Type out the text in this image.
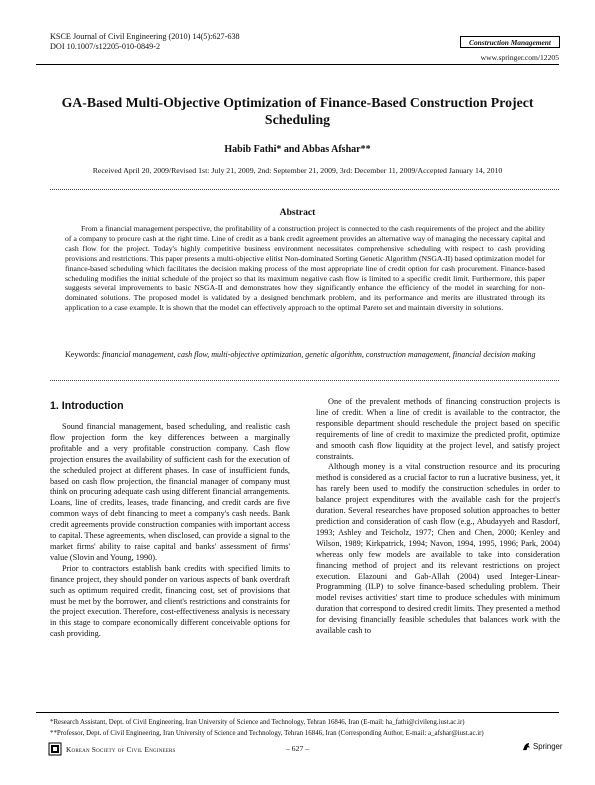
KSCE Journal of Civil Engineering (2010) 14(5):627-638
DOI 10.1007/s12205-010-0849-2	Construction Management
www.springer.com/12205
GA-Based Multi-Objective Optimization of Finance-Based Construction Project Scheduling
Habib Fathi* and Abbas Afshar**
Received April 20, 2009/Revised 1st: July 21, 2009, 2nd: September 21, 2009, 3rd: December 11, 2009/Accepted January 14, 2010
Abstract
From a financial management perspective, the profitability of a construction project is connected to the cash requirements of the project and the ability of a company to procure cash at the right time. Line of credit as a bank credit agreement provides an alternative way of managing the necessary capital and cash flow for the project. Today's highly competitive business environment necessitates comprehensive scheduling with respect to cash providing provisions and restrictions. This paper presents a multi-objective elitist Non-dominated Sorting Genetic Algorithm (NSGA-II) based optimization model for finance-based scheduling which facilitates the decision making process of the most appropriate line of credit option for cash procurement. Finance-based scheduling modifies the initial schedule of the project so that its maximum negative cash flow is limited to a specific credit limit. Furthermore, this paper suggests several improvements to basic NSGA-II and demonstrates how they significantly enhance the efficiency of the model in searching for non-dominated solutions. The proposed model is validated by a designed benchmark problem, and its performance and merits are illustrated through its application to a case example. It is shown that the model can effectively approach to the optimal Pareto set and maintain diversity in solutions.
Keywords: financial management, cash flow, multi-objective optimization, genetic algorithm, construction management, financial decision making
1. Introduction

Sound financial management, based scheduling, and realistic cash flow projection form the key differences between a marginally profitable and a very profitable construction company. Cash flow projection ensures the availability of sufficient cash for the execution of the scheduled project at different phases. In case of insufficient funds, based on cash flow projection, the financial manager of company must think on procuring adequate cash using different financial arrangements. Loans, line of credits, leases, trade financing, and credit cards are five common ways of debt financing to meet a company's cash needs. Bank credit agreements provide construction companies with important access to capital. These agreements, when disclosed, can provide a signal to the market firms' ability to raise capital and banks' assessment of firms' value (Slovin and Young, 1990).

Prior to contractors establish bank credits with specified limits to finance project, they should ponder on various aspects of bank overdraft such as optimum required credit, financing cost, set of provisions that must be met by the borrower, and client's restrictions and constraints for the project execution. Therefore, cost-effectiveness analysis is necessary in this stage to compare economically different conceivable options for cash providing.

One of the prevalent methods of financing construction projects is line of credit. When a line of credit is available to the contractor, the responsible department should reschedule the project based on specific requirements of line of credit to maximize the predicted profit, optimize and smooth cash flow liquidity at the project level, and satisfy project constraints.

Although money is a vital construction resource and its procuring method is considered as a crucial factor to run a lucrative business, yet, it has rarely been used to modify the construction schedules in order to balance project expenditures with the available cash for the project's duration. Several researches have proposed solution approaches to better prediction and consideration of cash flow (e.g., Abudayyeh and Rasdorf, 1993; Ashley and Teicholz, 1977; Chen and Chen, 2000; Kenley and Wilson, 1989; Kirkpatrick, 1994; Navon, 1994, 1995, 1996; Park, 2004) whereas only few models are available to take into consideration financing method of project and its relevant restrictions on project execution. Elazouni and Gab-Allah (2004) used Integer-Linear-Programming (ILP) to solve finance-based scheduling problem. Their model revises activities' start time to produce schedules with minimum duration that correspond to desired credit limits. They presented a method for devising financially feasible schedules that balances work with the available cash to

*Research Assistant, Dept. of Civil Engineering, Iran University of Science and Technology, Tehran 16846, Iran (E-mail: ha_fathi@civileng.iust.ac.ir)
**Professor, Dept. of Civil Engineering, Iran University of Science and Technology, Tehran 16846, Iran (Corresponding Author, E-mail: a_afshar@iust.ac.ir)
Korean Society of Civil Engineers	– 627 –	Springer
